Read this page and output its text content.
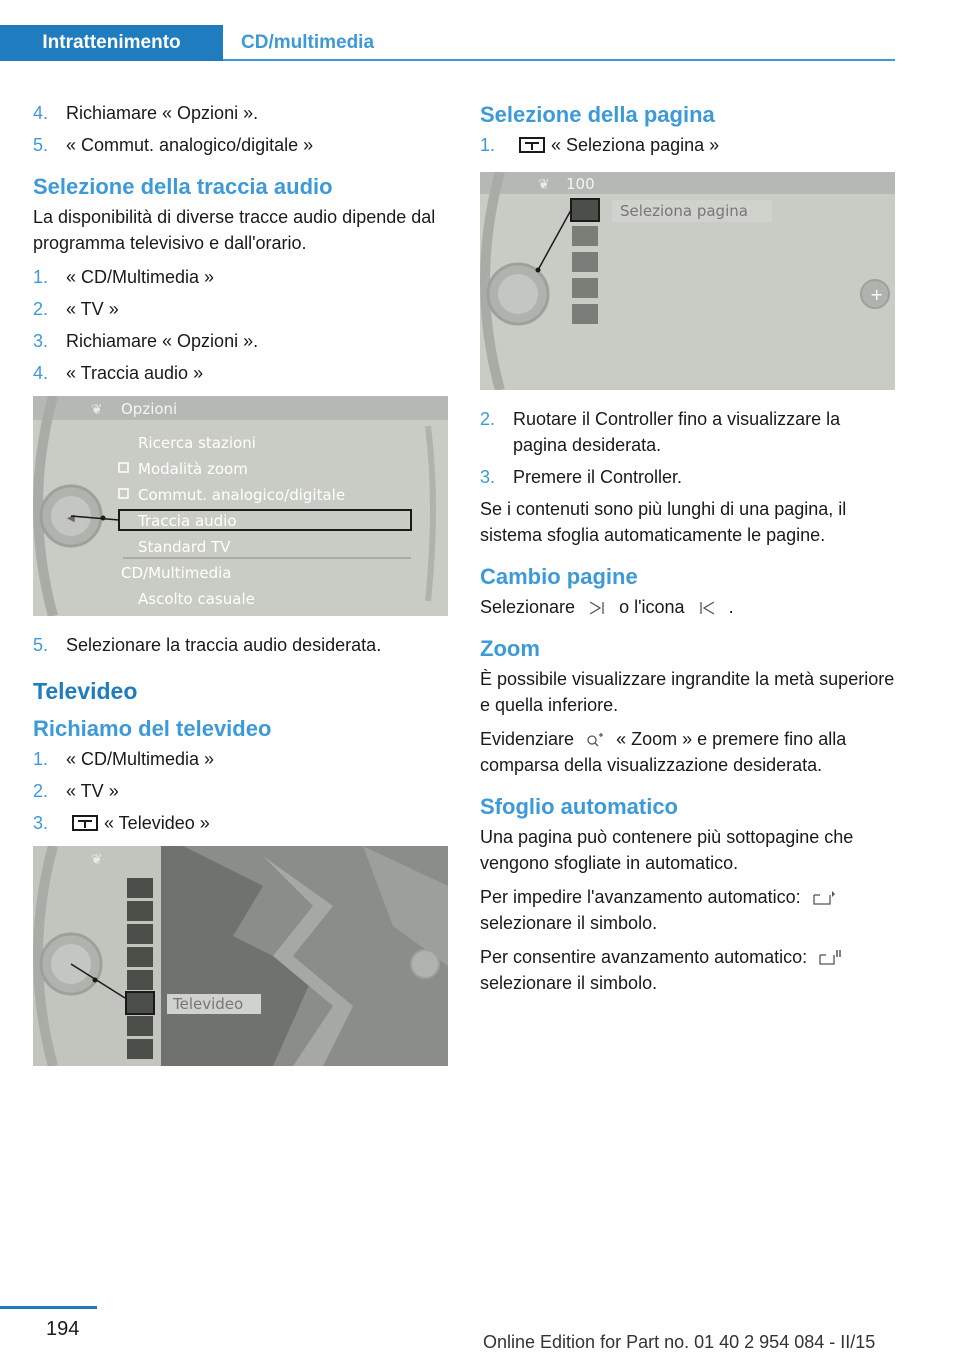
Intrattenimento	CD/multimedia
4. Richiamare « Opzioni ».
5. « Commut. analogico/digitale »
Selezione della traccia audio

La disponibilità di diverse tracce audio dipende dal programma televisivo e dall'orario.

1. « CD/Multimedia »
2. « TV »
3. Richiamare « Opzioni ».
4. « Traccia audio »
◀
❦ Opzioni
Ricerca stazioni
Modalità zoom
Commut. analogico/digitale
Traccia audio
Standard TV
CD/Multimedia
Ascolto casuale
5. Selezionare la traccia audio desiderata.
Televideo
Richiamo del televideo
1. « CD/Multimedia »
2. « TV »
3.	« Televideo »
❦
Televideo
Selezione della pagina
1.	« Seleziona pagina »
+
❦ 100
Seleziona pagina
2. Ruotare il Controller fino a visualizzare la pagina desiderata.
3. Premere il Controller.

Se i contenuti sono più lunghi di una pagina, il sistema sfoglia automaticamente le pagine.

Cambio pagine

Selezionare o l'icona .

Zoom

È possibile visualizzare ingrandite la metà superiore e quella inferiore.

Evidenziare « Zoom » e premere fino alla comparsa della visualizzazione desiderata.

Sfoglio automatico

Una pagina può contenere più sottopagine che vengono sfogliate in automatico.

Per impedire l'avanzamento automatico:
selezionare il simbolo.

Per consentire avanzamento automatico:
selezionare il simbolo.

194
Online Edition for Part no. 01 40 2 954 084 - II/15
